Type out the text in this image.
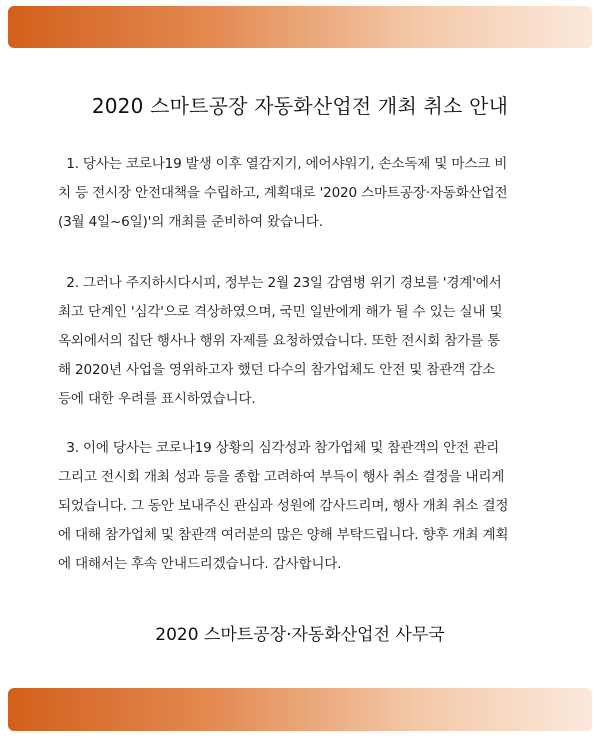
2020 스마트공장 자동화산업전 개최 취소 안내
1. 당사는 코로나19 발생 이후 열감지기, 에어샤워기, 손소독제 및 마스크 비
치 등 전시장 안전대책을 수립하고, 계획대로 '2020 스마트공장·자동화산업전
(3월 4일~6일)'의 개최를 준비하여 왔습니다.
2. 그러나 주지하시다시피, 정부는 2월 23일 감염병 위기 경보를 '경계'에서
최고 단계인 '심각'으로 격상하였으며, 국민 일반에게 해가 될 수 있는 실내 및
옥외에서의 집단 행사나 행위 자제를 요청하였습니다. 또한 전시회 참가를 통
해 2020년 사업을 영위하고자 했던 다수의 참가업체도 안전 및 참관객 감소
등에 대한 우려를 표시하였습니다.
3. 이에 당사는 코로나19 상황의 심각성과 참가업체 및 참관객의 안전 관리
그리고 전시회 개최 성과 등을 종합 고려하여 부득이 행사 취소 결정을 내리게
되었습니다. 그 동안 보내주신 관심과 성원에 감사드리며, 행사 개최 취소 결정
에 대해 참가업체 및 참관객 여러분의 많은 양해 부탁드립니다. 향후 개최 계획
에 대해서는 후속 안내드리겠습니다. 감사합니다.
2020 스마트공장·자동화산업전 사무국
